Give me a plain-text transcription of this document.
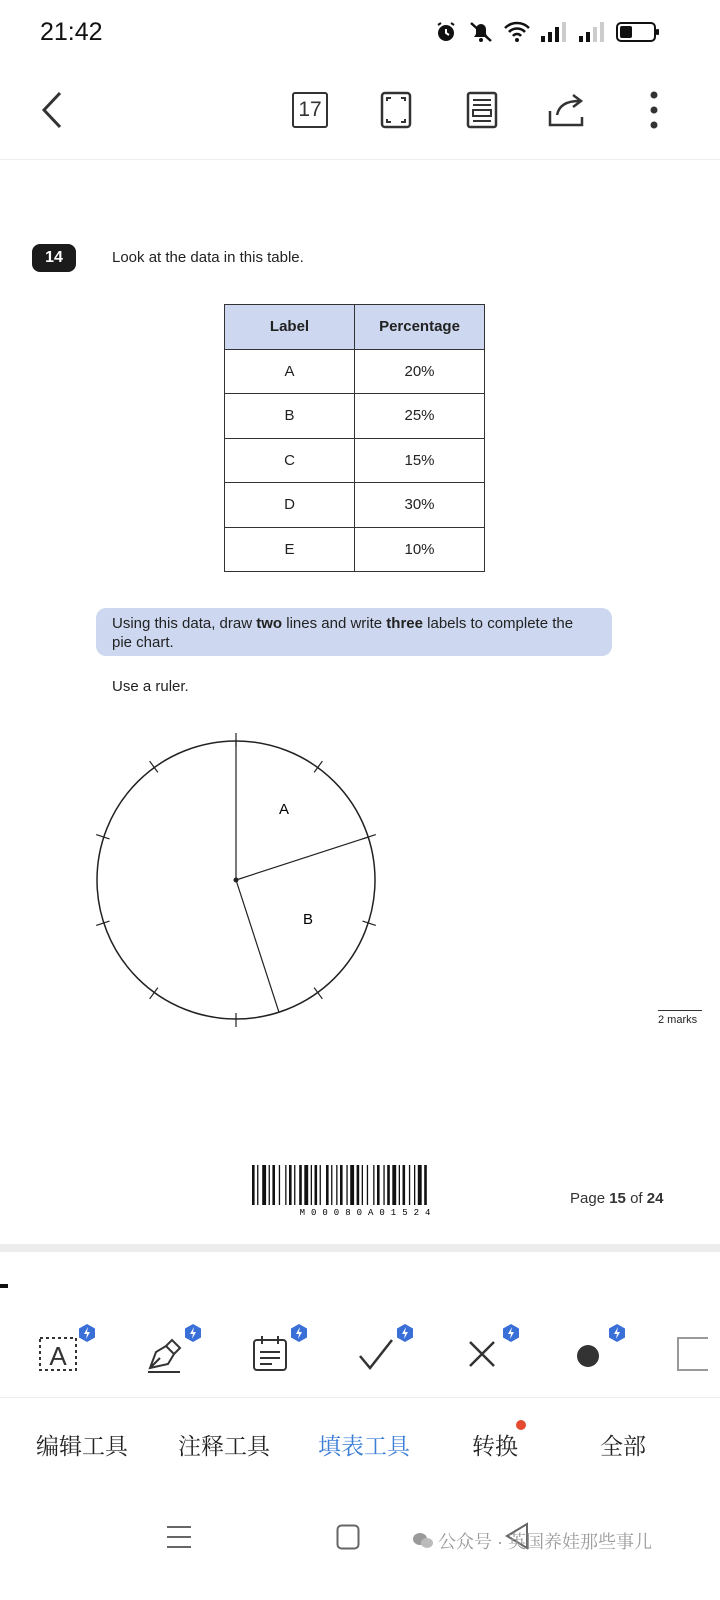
21:42
17
14	Look at the data in this table.
Label	Percentage
A	20%
B	25%
C	15%
D	30%
E	10%
Using this data, draw two lines and write three labels to complete the pie chart.
Use a ruler.
A
B
2 marks
M00080A01524
Page 15 of 24
A
编辑工具 注释工具 填表工具	转换	全部
公众号 · 英国养娃那些事儿
